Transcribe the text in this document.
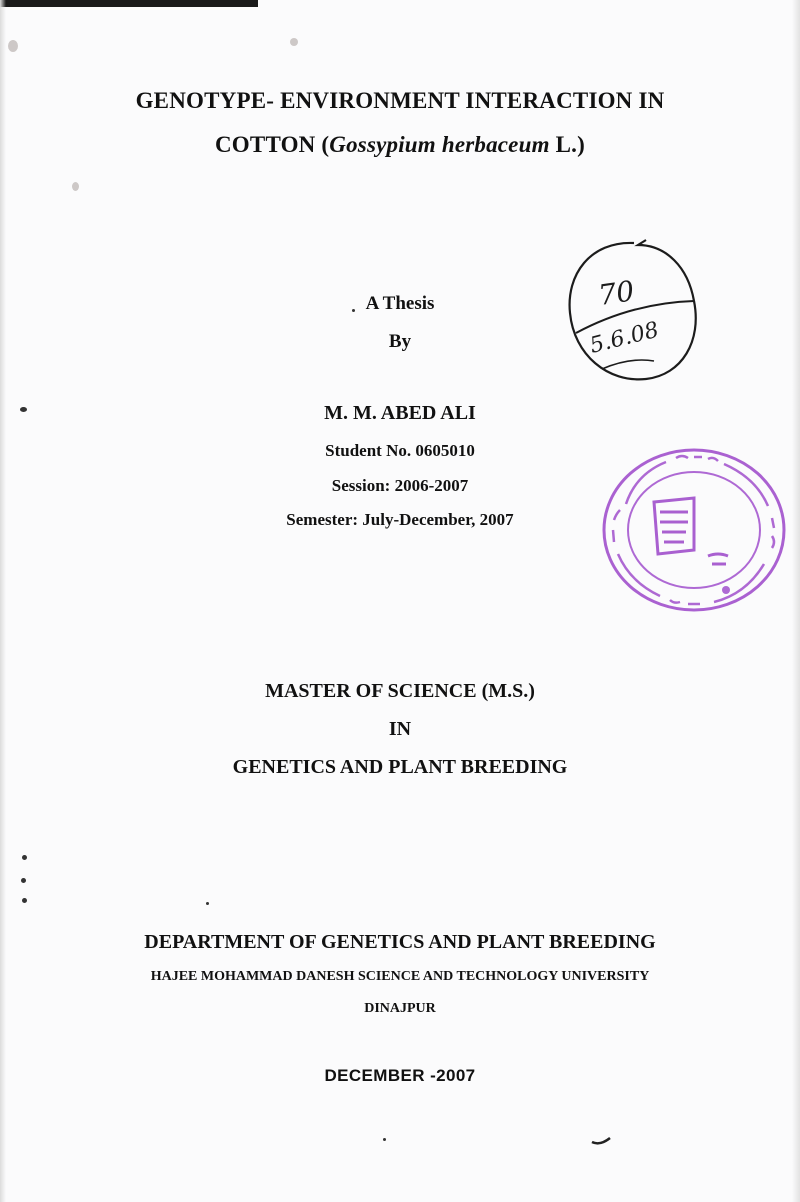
GENOTYPE- ENVIRONMENT INTERACTION IN
COTTON (Gossypium herbaceum L.)
A Thesis
By
M. M. ABED ALI
Student No. 0605010
Session: 2006-2007
Semester: July-December, 2007
MASTER OF SCIENCE (M.S.)
IN
GENETICS AND PLANT BREEDING
DEPARTMENT OF GENETICS AND PLANT BREEDING
HAJEE MOHAMMAD DANESH SCIENCE AND TECHNOLOGY UNIVERSITY
DINAJPUR
DECEMBER -2007
70
5.6.08
